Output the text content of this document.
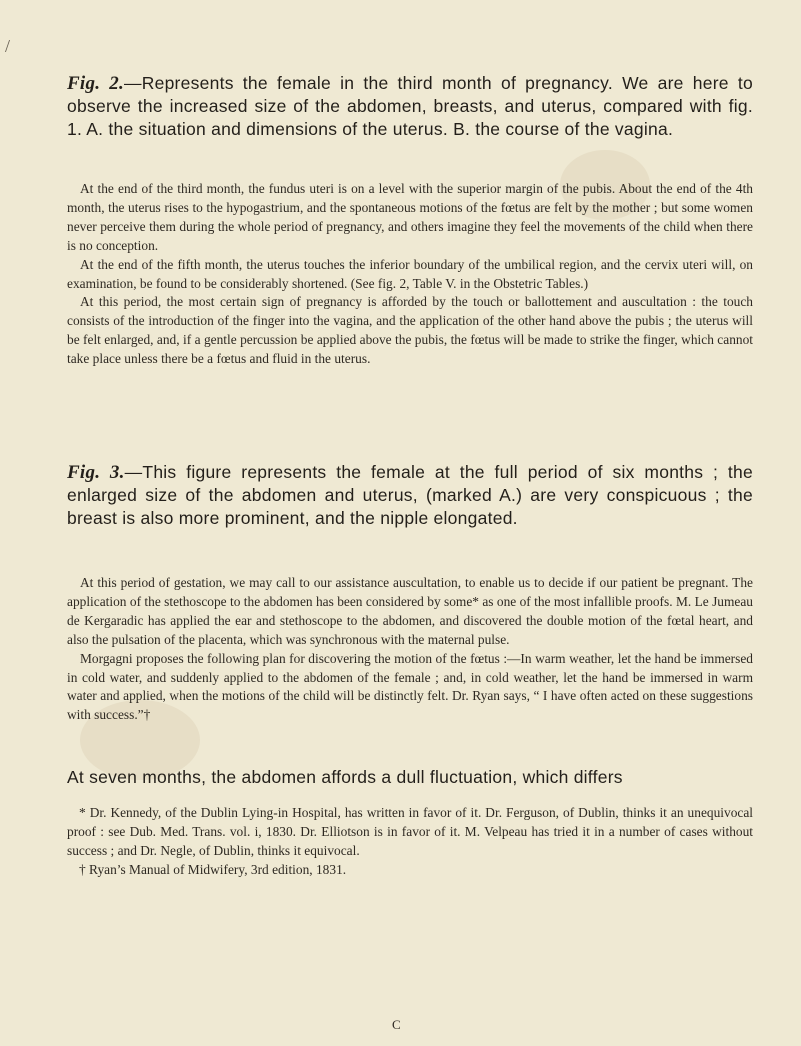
/

Fig. 2.—Represents the female in the third month of pregnancy. We are here to observe the increased size of the abdomen, breasts, and uterus, compared with fig. 1. A. the situation and dimensions of the uterus. B. the course of the vagina.

At the end of the third month, the fundus uteri is on a level with the superior margin of the pubis. About the end of the 4th month, the uterus rises to the hypogastrium, and the spontaneous motions of the fœtus are felt by the mother ; but some women never perceive them during the whole period of pregnancy, and others imagine they feel the movements of the child when there is no conception.

At the end of the fifth month, the uterus touches the inferior boundary of the umbilical region, and the cervix uteri will, on examination, be found to be considerably shortened. (See fig. 2, Table V. in the Obstetric Tables.)

At this period, the most certain sign of pregnancy is afforded by the touch or ballottement and auscultation : the touch consists of the introduction of the finger into the vagina, and the application of the other hand above the pubis ; the uterus will be felt enlarged, and, if a gentle percussion be applied above the pubis, the fœtus will be made to strike the finger, which cannot take place unless there be a fœtus and fluid in the uterus.

Fig. 3.—This figure represents the female at the full period of six months ; the enlarged size of the abdomen and uterus, (marked A.) are very conspicuous ; the breast is also more prominent, and the nipple elongated.

At this period of gestation, we may call to our assistance auscultation, to enable us to decide if our patient be pregnant. The application of the stethoscope to the abdomen has been considered by some* as one of the most infallible proofs. M. Le Jumeau de Kergaradic has applied the ear and stethoscope to the abdomen, and discovered the double motion of the fœtal heart, and also the pulsation of the placenta, which was synchronous with the maternal pulse.

Morgagni proposes the following plan for discovering the motion of the fœtus :—In warm weather, let the hand be immersed in cold water, and suddenly applied to the abdomen of the female ; and, in cold weather, let the hand be immersed in warm water and applied, when the motions of the child will be distinctly felt. Dr. Ryan says, “ I have often acted on these suggestions with success.”†

At seven months, the abdomen affords a dull fluctuation, which differs

* Dr. Kennedy, of the Dublin Lying-in Hospital, has written in favor of it. Dr. Ferguson, of Dublin, thinks it an unequivocal proof : see Dub. Med. Trans. vol. i, 1830. Dr. Elliotson is in favor of it. M. Velpeau has tried it in a number of cases without success ; and Dr. Negle, of Dublin, thinks it equivocal.

† Ryan’s Manual of Midwifery, 3rd edition, 1831.

C
